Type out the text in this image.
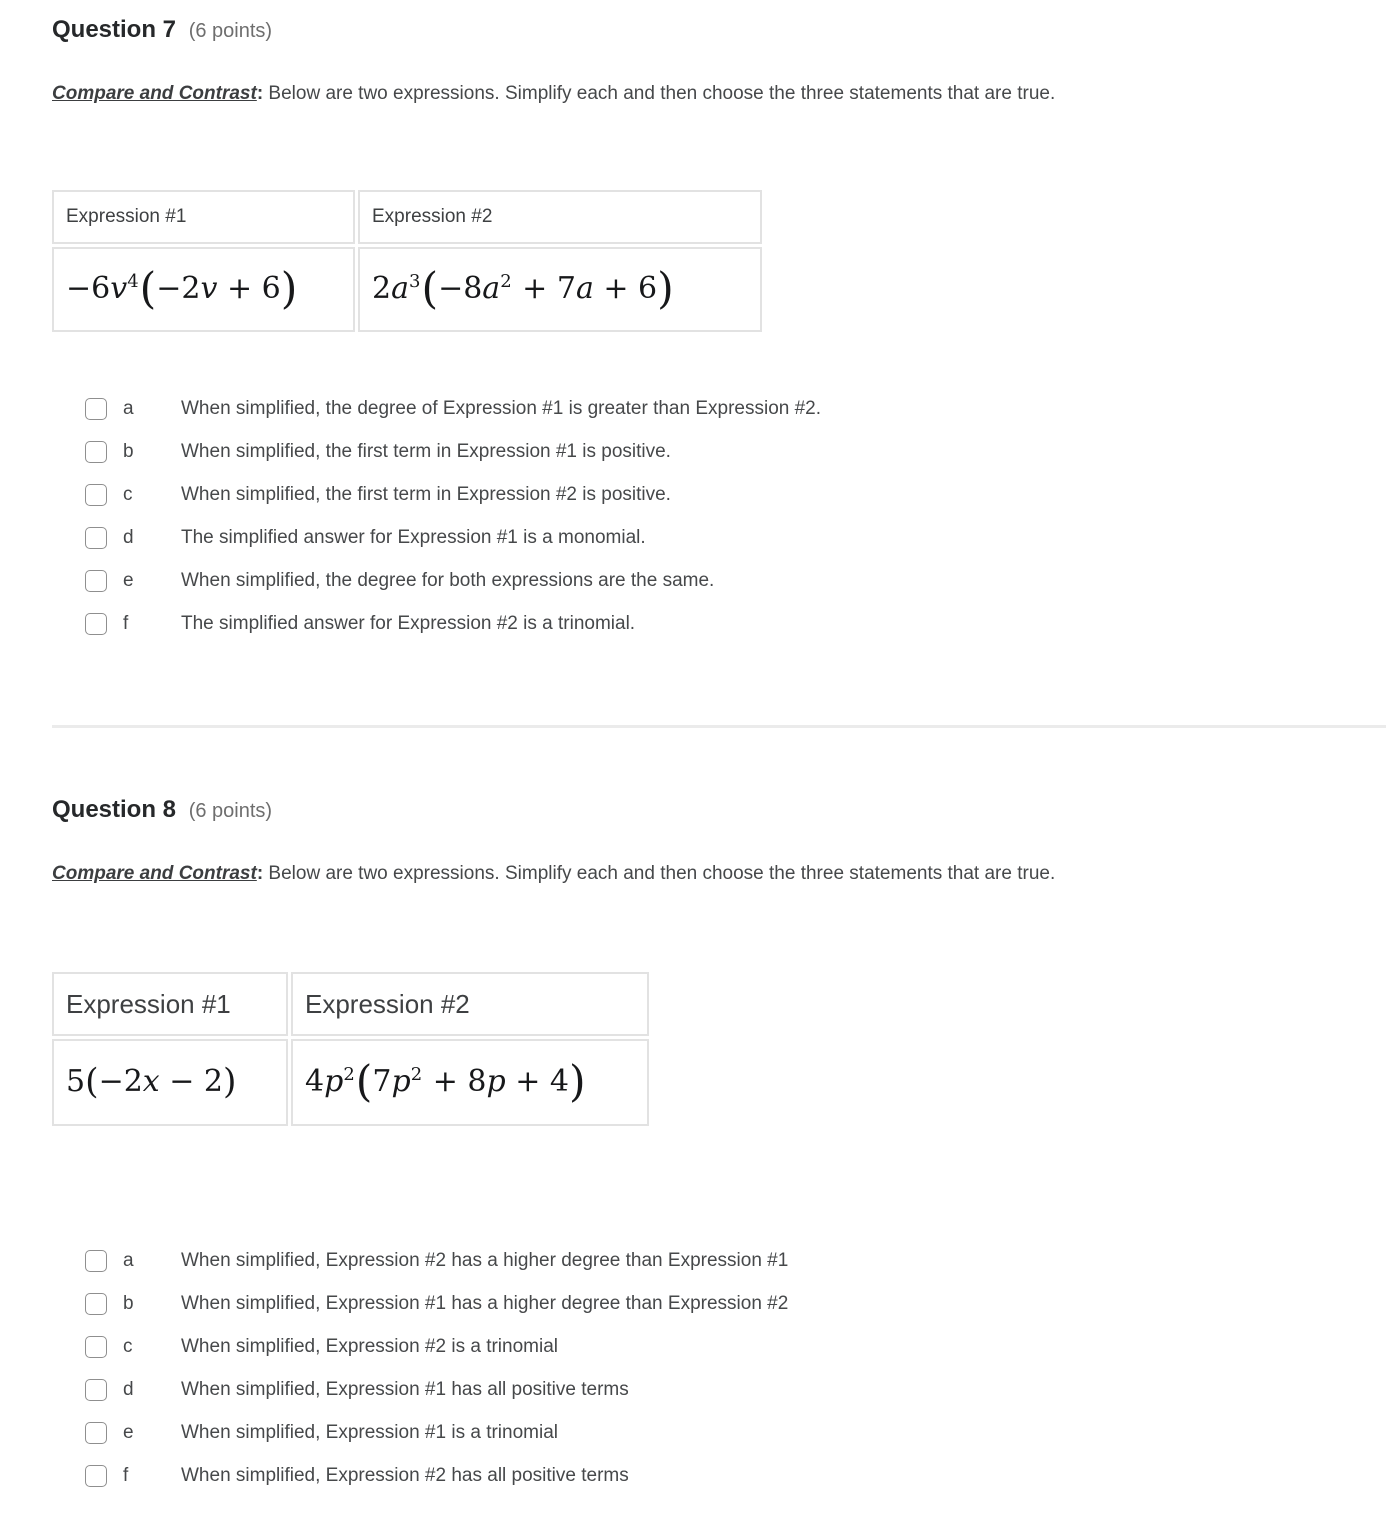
Question 7 (6 points)

Compare and Contrast: Below are two expressions. Simplify each and then choose the three statements that are true.

Expression #1	Expression #2
$-6v^4(-2v + 6)$	$2a^3(-8a^2 + 7a + 6)$
a	When simplified, the degree of Expression #1 is greater than Expression #2.
b	When simplified, the first term in Expression #1 is positive.
c	When simplified, the first term in Expression #2 is positive.
d	The simplified answer for Expression #1 is a monomial.
e	When simplified, the degree for both expressions are the same.
f	The simplified answer for Expression #2 is a trinomial.
Question 8 (6 points)

Compare and Contrast: Below are two expressions. Simplify each and then choose the three statements that are true.

Expression #1	Expression #2
5(−2x − 2)	$4p^2(7p^2 + 8p + 4)$
a	When simplified, Expression #2 has a higher degree than Expression #1
b	When simplified, Expression #1 has a higher degree than Expression #2
c	When simplified, Expression #2 is a trinomial
d	When simplified, Expression #1 has all positive terms
e	When simplified, Expression #1 is a trinomial
f	When simplified, Expression #2 has all positive terms
